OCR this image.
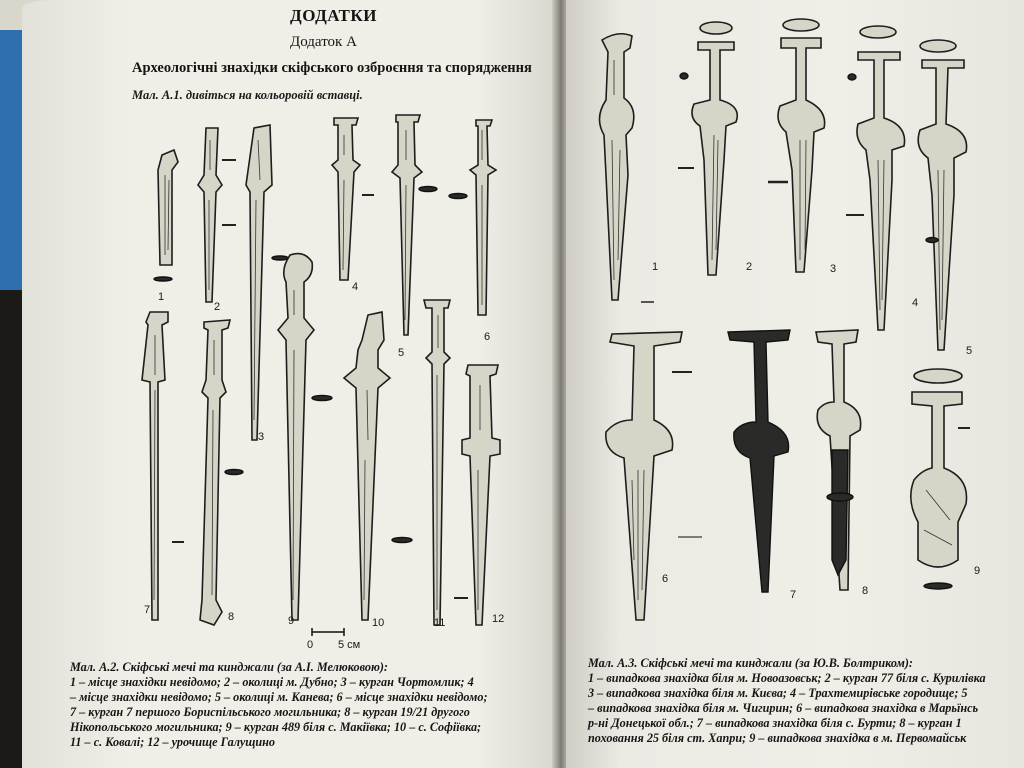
ДОДАТКИ
Додаток А
Археологічні знахідки скіфського озброєння та спорядження
Мал. А.1. дивіться на кольоровій вставці.
1
2
3
4
5
6
7
8	9	10	11	12
0 5 см
Мал. А.2. Скіфські мечі та кинджали (за А.І. Мелюковою):
1 – місце знахідки невідомо; 2 – околиці м. Дубно; 3 – курган Чортомлик; 4
– місце знахідки невідомо; 5 – околиці м. Канева; 6 – місце знахідки невідомо;
7 – курган 7 першого Бориспільського могильника; 8 – курган 19/21 другого
Нікопольського могильника; 9 – курган 489 біля с. Макіївка; 10 – с. Софіївка;
11 – с. Ковалі; 12 – урочище Галущино
1	2	3
4
5
6
7	8
9
Мал. А.3. Скіфські мечі та кинджали (за Ю.В. Болтриком):
1 – випадкова знахідка біля м. Новоазовськ; 2 – курган 77 біля с. Курилівка
3 – випадкова знахідка біля м. Києва; 4 – Трахтемирівське городище; 5
– випадкова знахідка біля м. Чигирин; 6 – випадкова знахідка в Марьїнсь
р-ні Донецької обл.; 7 – випадкова знахідка біля с. Бурти; 8 – курган 1
поховання 25 біля ст. Хапри; 9 – випадкова знахідка в м. Первомайськ
